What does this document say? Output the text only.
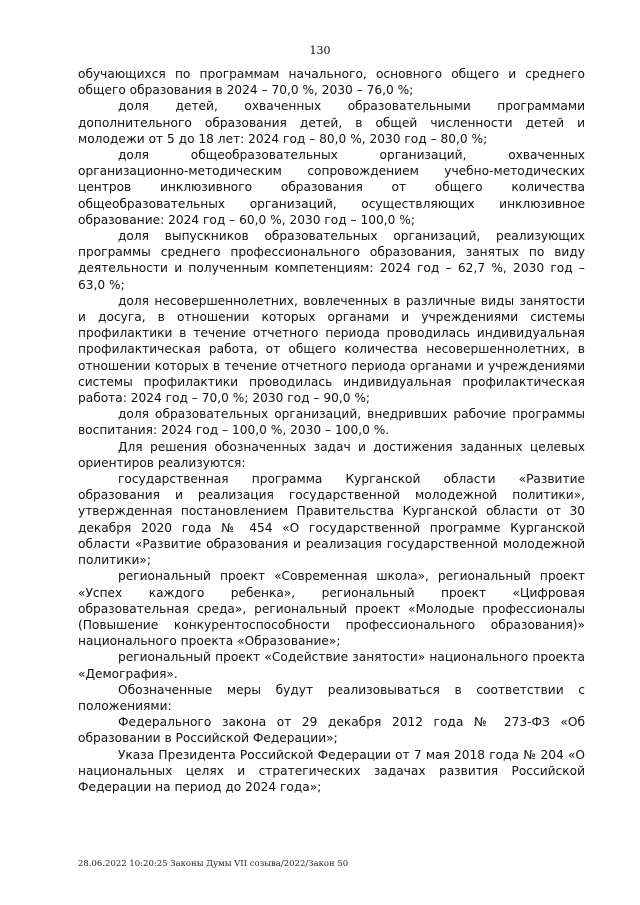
130

обучающихся по программам начального, основного общего и среднего общего образования в 2024 – 70,0 %, 2030 – 76,0 %;

доля детей, охваченных образовательными программами дополнительного образования детей, в общей численности детей и молодежи от 5 до 18 лет: 2024 год – 80,0 %, 2030 год – 80,0 %;

доля общеобразовательных организаций, охваченных организационно-методическим сопровождением учебно-методических центров инклюзивного образования от общего количества общеобразовательных организаций, осуществляющих инклюзивное образование: 2024 год – 60,0 %, 2030 год – 100,0 %;

доля выпускников образовательных организаций, реализующих программы среднего профессионального образования, занятых по виду деятельности и полученным компетенциям: 2024 год – 62,7 %, 2030 год – 63,0 %;

доля несовершеннолетних, вовлеченных в различные виды занятости и досуга, в отношении которых органами и учреждениями системы профилактики в течение отчетного периода проводилась индивидуальная профилактическая работа, от общего количества несовершеннолетних, в отношении которых в течение отчетного периода органами и учреждениями системы профилактики проводилась индивидуальная профилактическая работа: 2024 год – 70,0 %; 2030 год – 90,0 %;

доля образовательных организаций, внедривших рабочие программы воспитания: 2024 год – 100,0 %, 2030 – 100,0 %.

Для решения обозначенных задач и достижения заданных целевых ориентиров реализуются:

государственная программа Курганской области «Развитие образования и реализация государственной молодежной политики», утвержденная постановлением Правительства Курганской области от 30 декабря 2020 года № 454 «О государственной программе Курганской области «Развитие образования и реализация государственной молодежной политики»;

региональный проект «Современная школа», региональный проект «Успех каждого ребенка», региональный проект «Цифровая образовательная среда», региональный проект «Молодые профессионалы (Повышение конкурентоспособности профессионального образования)» национального проекта «Образование»;

региональный проект «Содействие занятости» национального проекта «Демография».

Обозначенные меры будут реализовываться в соответствии с положениями:

Федерального закона от 29 декабря 2012 года № 273-ФЗ «Об образовании в Российской Федерации»;

Указа Президента Российской Федерации от 7 мая 2018 года № 204 «О национальных целях и стратегических задачах развития Российской Федерации на период до 2024 года»;

28.06.2022 10:20:25 Законы Думы VII созыва/2022/Закон 50
